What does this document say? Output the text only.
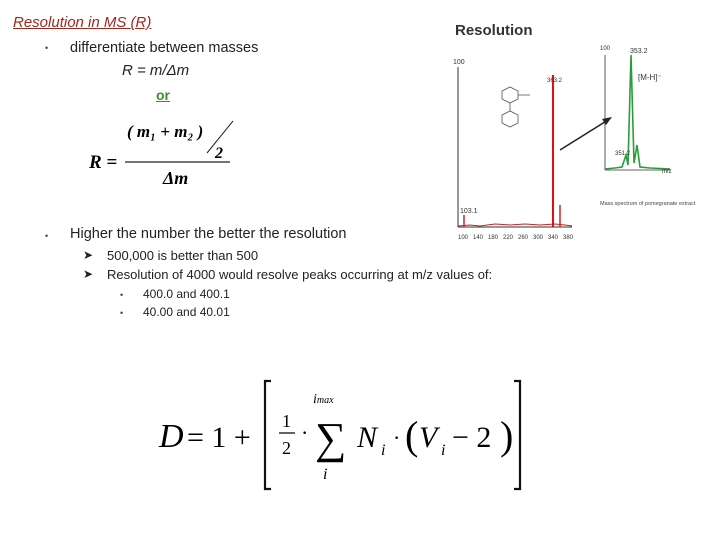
Resolution in MS (R)
• differentiate between masses
R = m/Δm
or
R =
( m₁ + m₂ )
2
Δm
• Higher the number the better the resolution
➤ 500,000 is better than 500
➤ Resolution of 4000 would resolve peaks occurring at m/z values of:
• 400.0 and 400.1
• 40.00 and 40.01
Resolution
100
103.1
363.2
100 140 180 220 260 300 340 380
100	353.2
[M-H]⁻
351.2
m/z
Mass spectrum of pomegranate extract
D = 1 + 1
2
·
imax
∑
i
N i
· ( V i − 2 )
